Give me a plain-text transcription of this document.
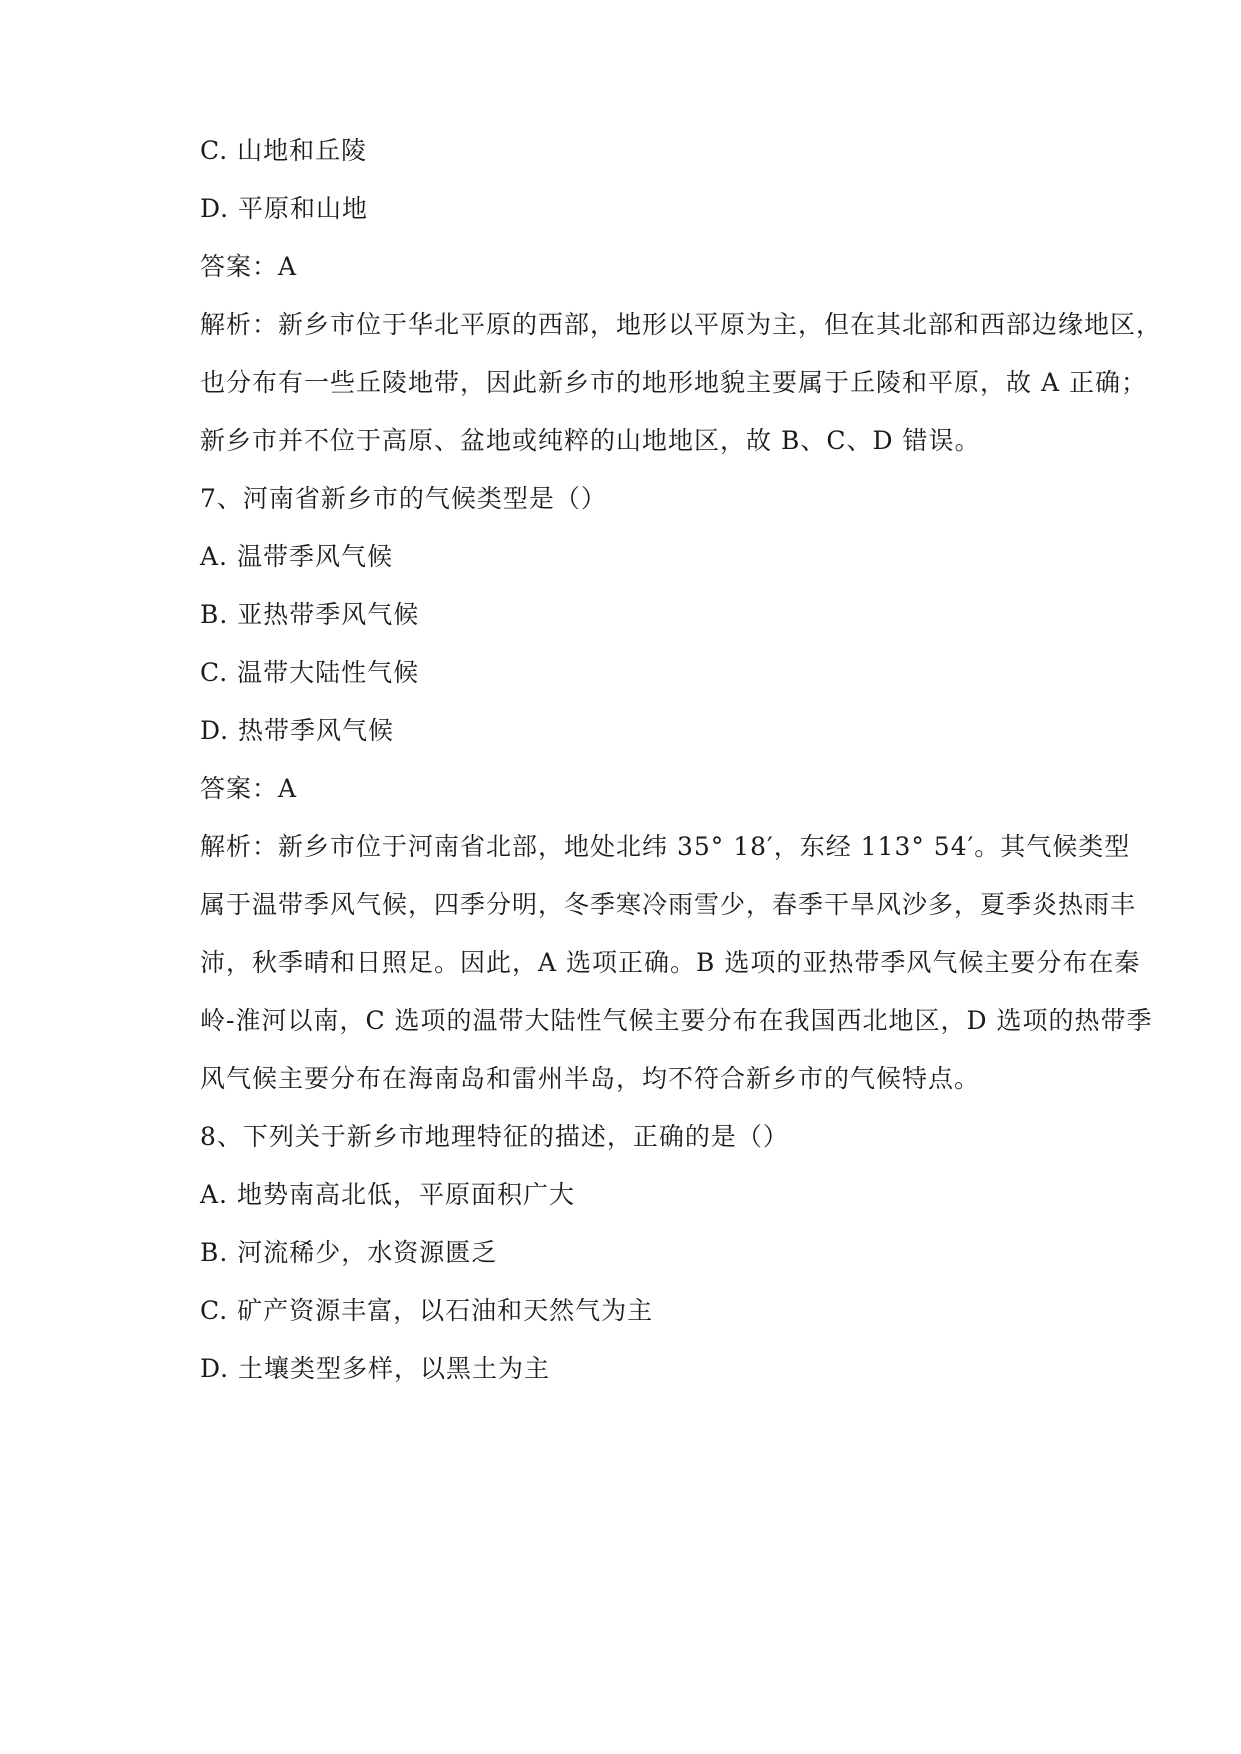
C. 山地和丘陵
D. 平原和山地
答案：A
解析：新乡市位于华北平原的西部，地形以平原为主，但在其北部和西部边缘地区，
也分布有一些丘陵地带，因此新乡市的地形地貌主要属于丘陵和平原，故 A 正确；
新乡市并不位于高原、盆地或纯粹的山地地区，故 B、C、D 错误。
7、河南省新乡市的气候类型是（）
A. 温带季风气候
B. 亚热带季风气候
C. 温带大陆性气候
D. 热带季风气候
答案：A
解析：新乡市位于河南省北部，地处北纬 35° 18′，东经 113° 54′。其气候类型
属于温带季风气候，四季分明，冬季寒冷雨雪少，春季干旱风沙多，夏季炎热雨丰
沛，秋季晴和日照足。因此，A 选项正确。B 选项的亚热带季风气候主要分布在秦
岭-淮河以南，C 选项的温带大陆性气候主要分布在我国西北地区，D 选项的热带季
风气候主要分布在海南岛和雷州半岛，均不符合新乡市的气候特点。
8、下列关于新乡市地理特征的描述，正确的是（）
A. 地势南高北低，平原面积广大
B. 河流稀少，水资源匮乏
C. 矿产资源丰富，以石油和天然气为主
D. 土壤类型多样，以黑土为主
